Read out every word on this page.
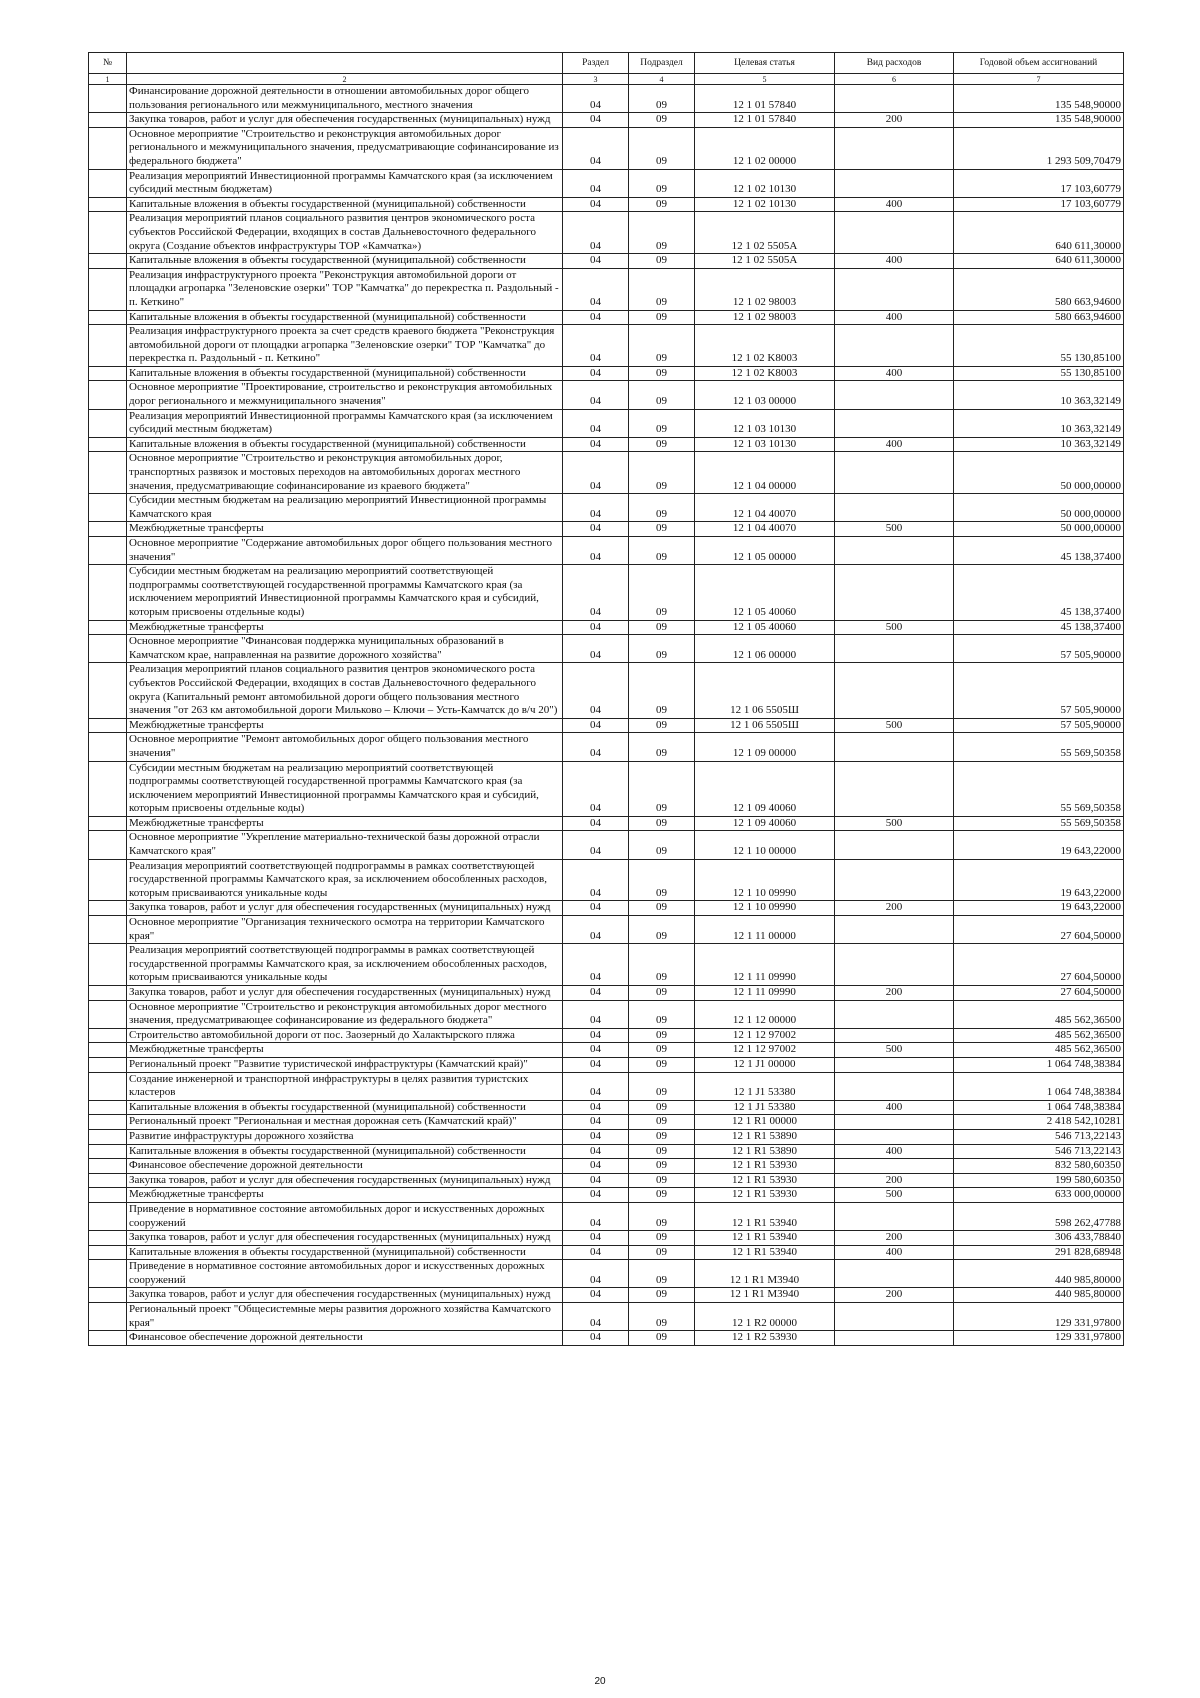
№		Раздел	Подраздел	Целевая статья	Вид расходов	Годовой объем ассигнований
1	2	3	4	5	6	7
	Финансирование дорожной деятельности в отношении автомобильных дорог общего пользования регионального или межмуниципального, местного значения	04	09	12 1 01 57840		135 548,90000
	Закупка товаров, работ и услуг для обеспечения государственных (муниципальных) нужд	04	09	12 1 01 57840	200	135 548,90000
	Основное мероприятие "Строительство и реконструкция автомобильных дорог регионального и межмуниципального значения, предусматривающие софинансирование из федерального бюджета"	04	09	12 1 02 00000		1 293 509,70479
	Реализация мероприятий Инвестиционной программы Камчатского края (за исключением субсидий местным бюджетам)	04	09	12 1 02 10130		17 103,60779
	Капитальные вложения в объекты государственной (муниципальной) собственности	04	09	12 1 02 10130	400	17 103,60779
	Реализация мероприятий планов социального развития центров экономического роста субъектов Российской Федерации, входящих в состав Дальневосточного федерального округа (Создание объектов инфраструктуры ТОР «Камчатка»)	04	09	12 1 02 5505А		640 611,30000
	Капитальные вложения в объекты государственной (муниципальной) собственности	04	09	12 1 02 5505А	400	640 611,30000
	Реализация инфраструктурного проекта "Реконструкция автомобильной дороги от площадки агропарка "Зеленовские озерки" ТОР "Камчатка" до перекрестка п. Раздольный - п. Кеткино"	04	09	12 1 02 98003		580 663,94600
	Капитальные вложения в объекты государственной (муниципальной) собственности	04	09	12 1 02 98003	400	580 663,94600
	Реализация инфраструктурного проекта за счет средств краевого бюджета "Реконструкция автомобильной дороги от площадки агропарка "Зеленовские озерки" ТОР "Камчатка" до перекрестка п. Раздольный - п. Кеткино"	04	09	12 1 02 K8003		55 130,85100
	Капитальные вложения в объекты государственной (муниципальной) собственности	04	09	12 1 02 K8003	400	55 130,85100
	Основное мероприятие "Проектирование, строительство и реконструкция автомобильных дорог регионального и межмуниципального значения"	04	09	12 1 03 00000		10 363,32149
	Реализация мероприятий Инвестиционной программы Камчатского края (за исключением субсидий местным бюджетам)	04	09	12 1 03 10130		10 363,32149
	Капитальные вложения в объекты государственной (муниципальной) собственности	04	09	12 1 03 10130	400	10 363,32149
	Основное мероприятие "Строительство и реконструкция автомобильных дорог, транспортных развязок и мостовых переходов на автомобильных дорогах местного значения, предусматривающие софинансирование из краевого бюджета"	04	09	12 1 04 00000		50 000,00000
	Субсидии местным бюджетам на реализацию мероприятий Инвестиционной программы Камчатского края	04	09	12 1 04 40070		50 000,00000
	Межбюджетные трансферты	04	09	12 1 04 40070	500	50 000,00000
	Основное мероприятие "Содержание автомобильных дорог общего пользования местного значения"	04	09	12 1 05 00000		45 138,37400
	Субсидии местным бюджетам на реализацию мероприятий соответствующей подпрограммы соответствующей государственной программы Камчатского края (за исключением мероприятий Инвестиционной программы Камчатского края и субсидий, которым присвоены отдельные коды)	04	09	12 1 05 40060		45 138,37400
	Межбюджетные трансферты	04	09	12 1 05 40060	500	45 138,37400
	Основное мероприятие "Финансовая поддержка муниципальных образований в Камчатском крае, направленная на развитие дорожного хозяйства"	04	09	12 1 06 00000		57 505,90000
	Реализация мероприятий планов социального развития центров экономического роста субъектов Российской Федерации, входящих в состав Дальневосточного федерального округа (Капитальный ремонт автомобильной дороги общего пользования местного значения "от 263 км автомобильной дороги Мильково – Ключи – Усть-Камчатск до в/ч 20")	04	09	12 1 06 5505Ш		57 505,90000
	Межбюджетные трансферты	04	09	12 1 06 5505Ш	500	57 505,90000
	Основное мероприятие "Ремонт автомобильных дорог общего пользования местного значения"	04	09	12 1 09 00000		55 569,50358
	Субсидии местным бюджетам на реализацию мероприятий соответствующей подпрограммы соответствующей государственной программы Камчатского края (за исключением мероприятий Инвестиционной программы Камчатского края и субсидий, которым присвоены отдельные коды)	04	09	12 1 09 40060		55 569,50358
	Межбюджетные трансферты	04	09	12 1 09 40060	500	55 569,50358
	Основное мероприятие "Укрепление материально-технической базы дорожной отрасли Камчатского края"	04	09	12 1 10 00000		19 643,22000
	Реализация мероприятий соответствующей подпрограммы в рамках соответствующей государственной программы Камчатского края, за исключением обособленных расходов, которым присваиваются уникальные коды	04	09	12 1 10 09990		19 643,22000
	Закупка товаров, работ и услуг для обеспечения государственных (муниципальных) нужд	04	09	12 1 10 09990	200	19 643,22000
	Основное мероприятие "Организация технического осмотра на территории Камчатского края"	04	09	12 1 11 00000		27 604,50000
	Реализация мероприятий соответствующей подпрограммы в рамках соответствующей государственной программы Камчатского края, за исключением обособленных расходов, которым присваиваются уникальные коды	04	09	12 1 11 09990		27 604,50000
	Закупка товаров, работ и услуг для обеспечения государственных (муниципальных) нужд	04	09	12 1 11 09990	200	27 604,50000
	Основное мероприятие "Строительство и реконструкция автомобильных дорог местного значения, предусматривающее софинансирование из федерального бюджета"	04	09	12 1 12 00000		485 562,36500
	Строительство автомобильной дороги от пос. Заозерный до Халактырского пляжа	04	09	12 1 12 97002		485 562,36500
	Межбюджетные трансферты	04	09	12 1 12 97002	500	485 562,36500
	Региональный проект "Развитие туристической инфраструктуры (Камчатский край)"	04	09	12 1 J1 00000		1 064 748,38384
	Создание инженерной и транспортной инфраструктуры в целях развития туристских кластеров	04	09	12 1 J1 53380		1 064 748,38384
	Капитальные вложения в объекты государственной (муниципальной) собственности	04	09	12 1 J1 53380	400	1 064 748,38384
	Региональный проект "Региональная и местная дорожная сеть (Камчатский край)"	04	09	12 1 R1 00000		2 418 542,10281
	Развитие инфраструктуры дорожного хозяйства	04	09	12 1 R1 53890		546 713,22143
	Капитальные вложения в объекты государственной (муниципальной) собственности	04	09	12 1 R1 53890	400	546 713,22143
	Финансовое обеспечение дорожной деятельности	04	09	12 1 R1 53930		832 580,60350
	Закупка товаров, работ и услуг для обеспечения государственных (муниципальных) нужд	04	09	12 1 R1 53930	200	199 580,60350
	Межбюджетные трансферты	04	09	12 1 R1 53930	500	633 000,00000
	Приведение в нормативное состояние автомобильных дорог и искусственных дорожных сооружений	04	09	12 1 R1 53940		598 262,47788
	Закупка товаров, работ и услуг для обеспечения государственных (муниципальных) нужд	04	09	12 1 R1 53940	200	306 433,78840
	Капитальные вложения в объекты государственной (муниципальной) собственности	04	09	12 1 R1 53940	400	291 828,68948
	Приведение в нормативное состояние автомобильных дорог и искусственных дорожных сооружений	04	09	12 1 R1 M3940		440 985,80000
	Закупка товаров, работ и услуг для обеспечения государственных (муниципальных) нужд	04	09	12 1 R1 M3940	200	440 985,80000
	Региональный проект "Общесистемные меры развития дорожного хозяйства Камчатского края"	04	09	12 1 R2 00000		129 331,97800
	Финансовое обеспечение дорожной деятельности	04	09	12 1 R2 53930		129 331,97800
20
